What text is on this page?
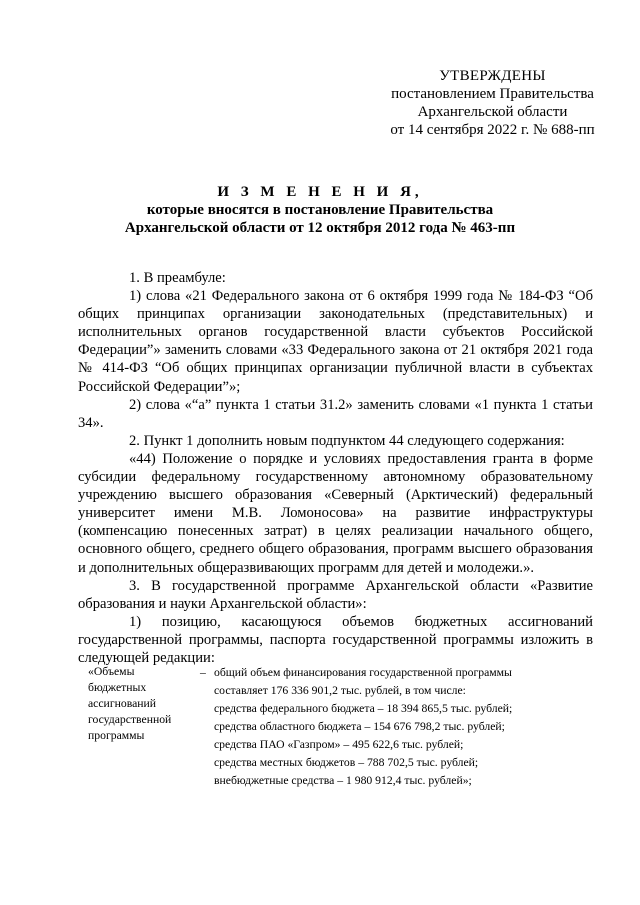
УТВЕРЖДЕНЫ
постановлением Правительства
Архангельской области
от 14 сентября 2022 г. № 688-пп
И З М Е Н Е Н И Я,
которые вносятся в постановление Правительства
Архангельской области от 12 октября 2012 года № 463-пп

1. В преамбуле:

1) слова «21 Федерального закона от 6 октября 1999 года № 184-ФЗ “Об общих принципах организации законодательных (представительных) и исполнительных органов государственной власти субъектов Российской Федерации”» заменить словами «33 Федерального закона от 21 октября 2021 года № 414-ФЗ “Об общих принципах организации публичной власти в субъектах Российской Федерации”»;

2) слова «“а” пункта 1 статьи 31.2» заменить словами «1 пункта 1 статьи 34».

2. Пункт 1 дополнить новым подпунктом 44 следующего содержания:

«44) Положение о порядке и условиях предоставления гранта в форме субсидии федеральному государственному автономному образовательному учреждению высшего образования «Северный (Арктический) федеральный университет имени М.В. Ломоносова» на развитие инфраструктуры (компенсацию понесенных затрат) в целях реализации начального общего, основного общего, среднего общего образования, программ высшего образования и дополнительных общеразвивающих программ для детей и молодежи.».

3. В государственной программе Архангельской области «Развитие образования и науки Архангельской области»:

1) позицию, касающуюся объемов бюджетных ассигнований государственной программы, паспорта государственной программы изложить в следующей редакции:

«Объемы
бюджетных
ассигнований
государственной
программы
– общий объем финансирования государственной программы
составляет 176 336 901,2 тыс. рублей, в том числе:
средства федерального бюджета – 18 394 865,5 тыс. рублей;
средства областного бюджета – 154 676 798,2 тыс. рублей;
средства ПАО «Газпром» – 495 622,6 тыс. рублей;
средства местных бюджетов – 788 702,5 тыс. рублей;
внебюджетные средства – 1 980 912,4 тыс. рублей»;
